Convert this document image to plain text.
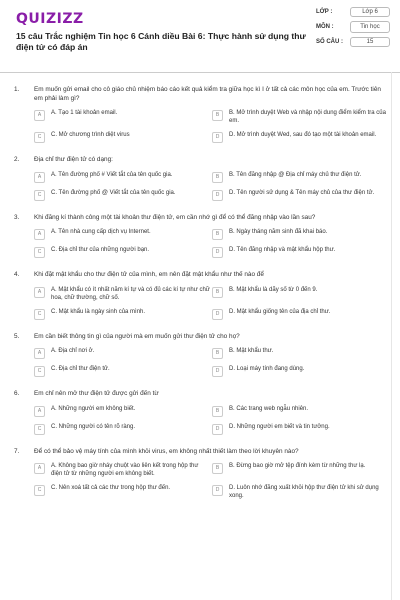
QUIZIZZ
15 câu Trắc nghiệm Tin học 6 Cánh diều Bài 6: Thực hành sử dụng thư điện tử có đáp án
LỚP :	Lớp 6
MÔN :	Tin học
SỐ CÂU :	15
1. Em muốn gửi email cho cô giáo chủ nhiệm báo cáo kết quả kiểm tra giữa học kì I ở tất cả các môn học của em. Trước tiên em phải làm gì?
A	A. Tạo 1 tài khoản email.	B	B. Mở trình duyệt Web và nhập nội dung điểm kiểm tra của em.
C	C. Mở chương trình diệt virus	D	D. Mở trình duyệt Wed, sau đó tạo một tài khoản email.
2. Địa chỉ thư điện tử có dạng:
A	A. Tên đường phố # Viết tắt của tên quốc gia.	B	B. Tên đăng nhập @ Địa chỉ máy chủ thư điện tử.
C	C. Tên đường phố @ Viết tắt của tên quốc gia.	D	D. Tên người sử dụng & Tên máy chủ của thư điện tử.
3. Khi đăng kí thành công một tài khoản thư điện tử, em cần nhớ gì để có thể đăng nhập vào lần sau?
A	A. Tên nhà cung cấp dịch vụ Internet.	B	B. Ngày tháng năm sinh đã khai báo.
C	C. Địa chỉ thư của những người bạn.	D	D. Tên đăng nhập và mật khẩu hộp thư.
4. Khi đặt mật khẩu cho thư điện tử của mình, em nên đặt mật khẩu như thế nào để
A	A. Mật khẩu có ít nhất năm kí tự và có đủ các kí tự như chữ hoa, chữ thường, chữ số.
B	B. Mật khẩu là dãy số từ 0 đến 9.
C	C. Mật khẩu là ngày sinh của mình.	D	D. Mật khẩu giống tên của địa chỉ thư.
5. Em cần biết thông tin gì của người mà em muốn gửi thư điện tử cho họ?
A	A. Địa chỉ nơi ở.	B	B. Mật khẩu thư.
C	C. Địa chỉ thư điện tử.	D	D. Loại máy tính đang dùng.
6. Em chỉ nên mở thư điện tử được gửi đến từ
A	A. Những người em không biết.	B	B. Các trang web ngẫu nhiên.
C	C. Những người có tên rõ ràng.	D	D. Những người em biết và tin tưởng.
7. Để có thể bảo vệ máy tính của mình khỏi virus, em không nhất thiết làm theo lời khuyên nào?
A	A. Không bao giờ nháy chuột vào liên kết trong hộp thư điện tử từ những người em không biết.
B	B. Đừng bao giờ mở tệp đính kèm từ những thư lạ.
C	C. Nên xoá tất cả các thư trong hộp thư đến.	D	D. Luôn nhớ đăng xuất khỏi hộp thư điện tử khi sử dụng xong.
